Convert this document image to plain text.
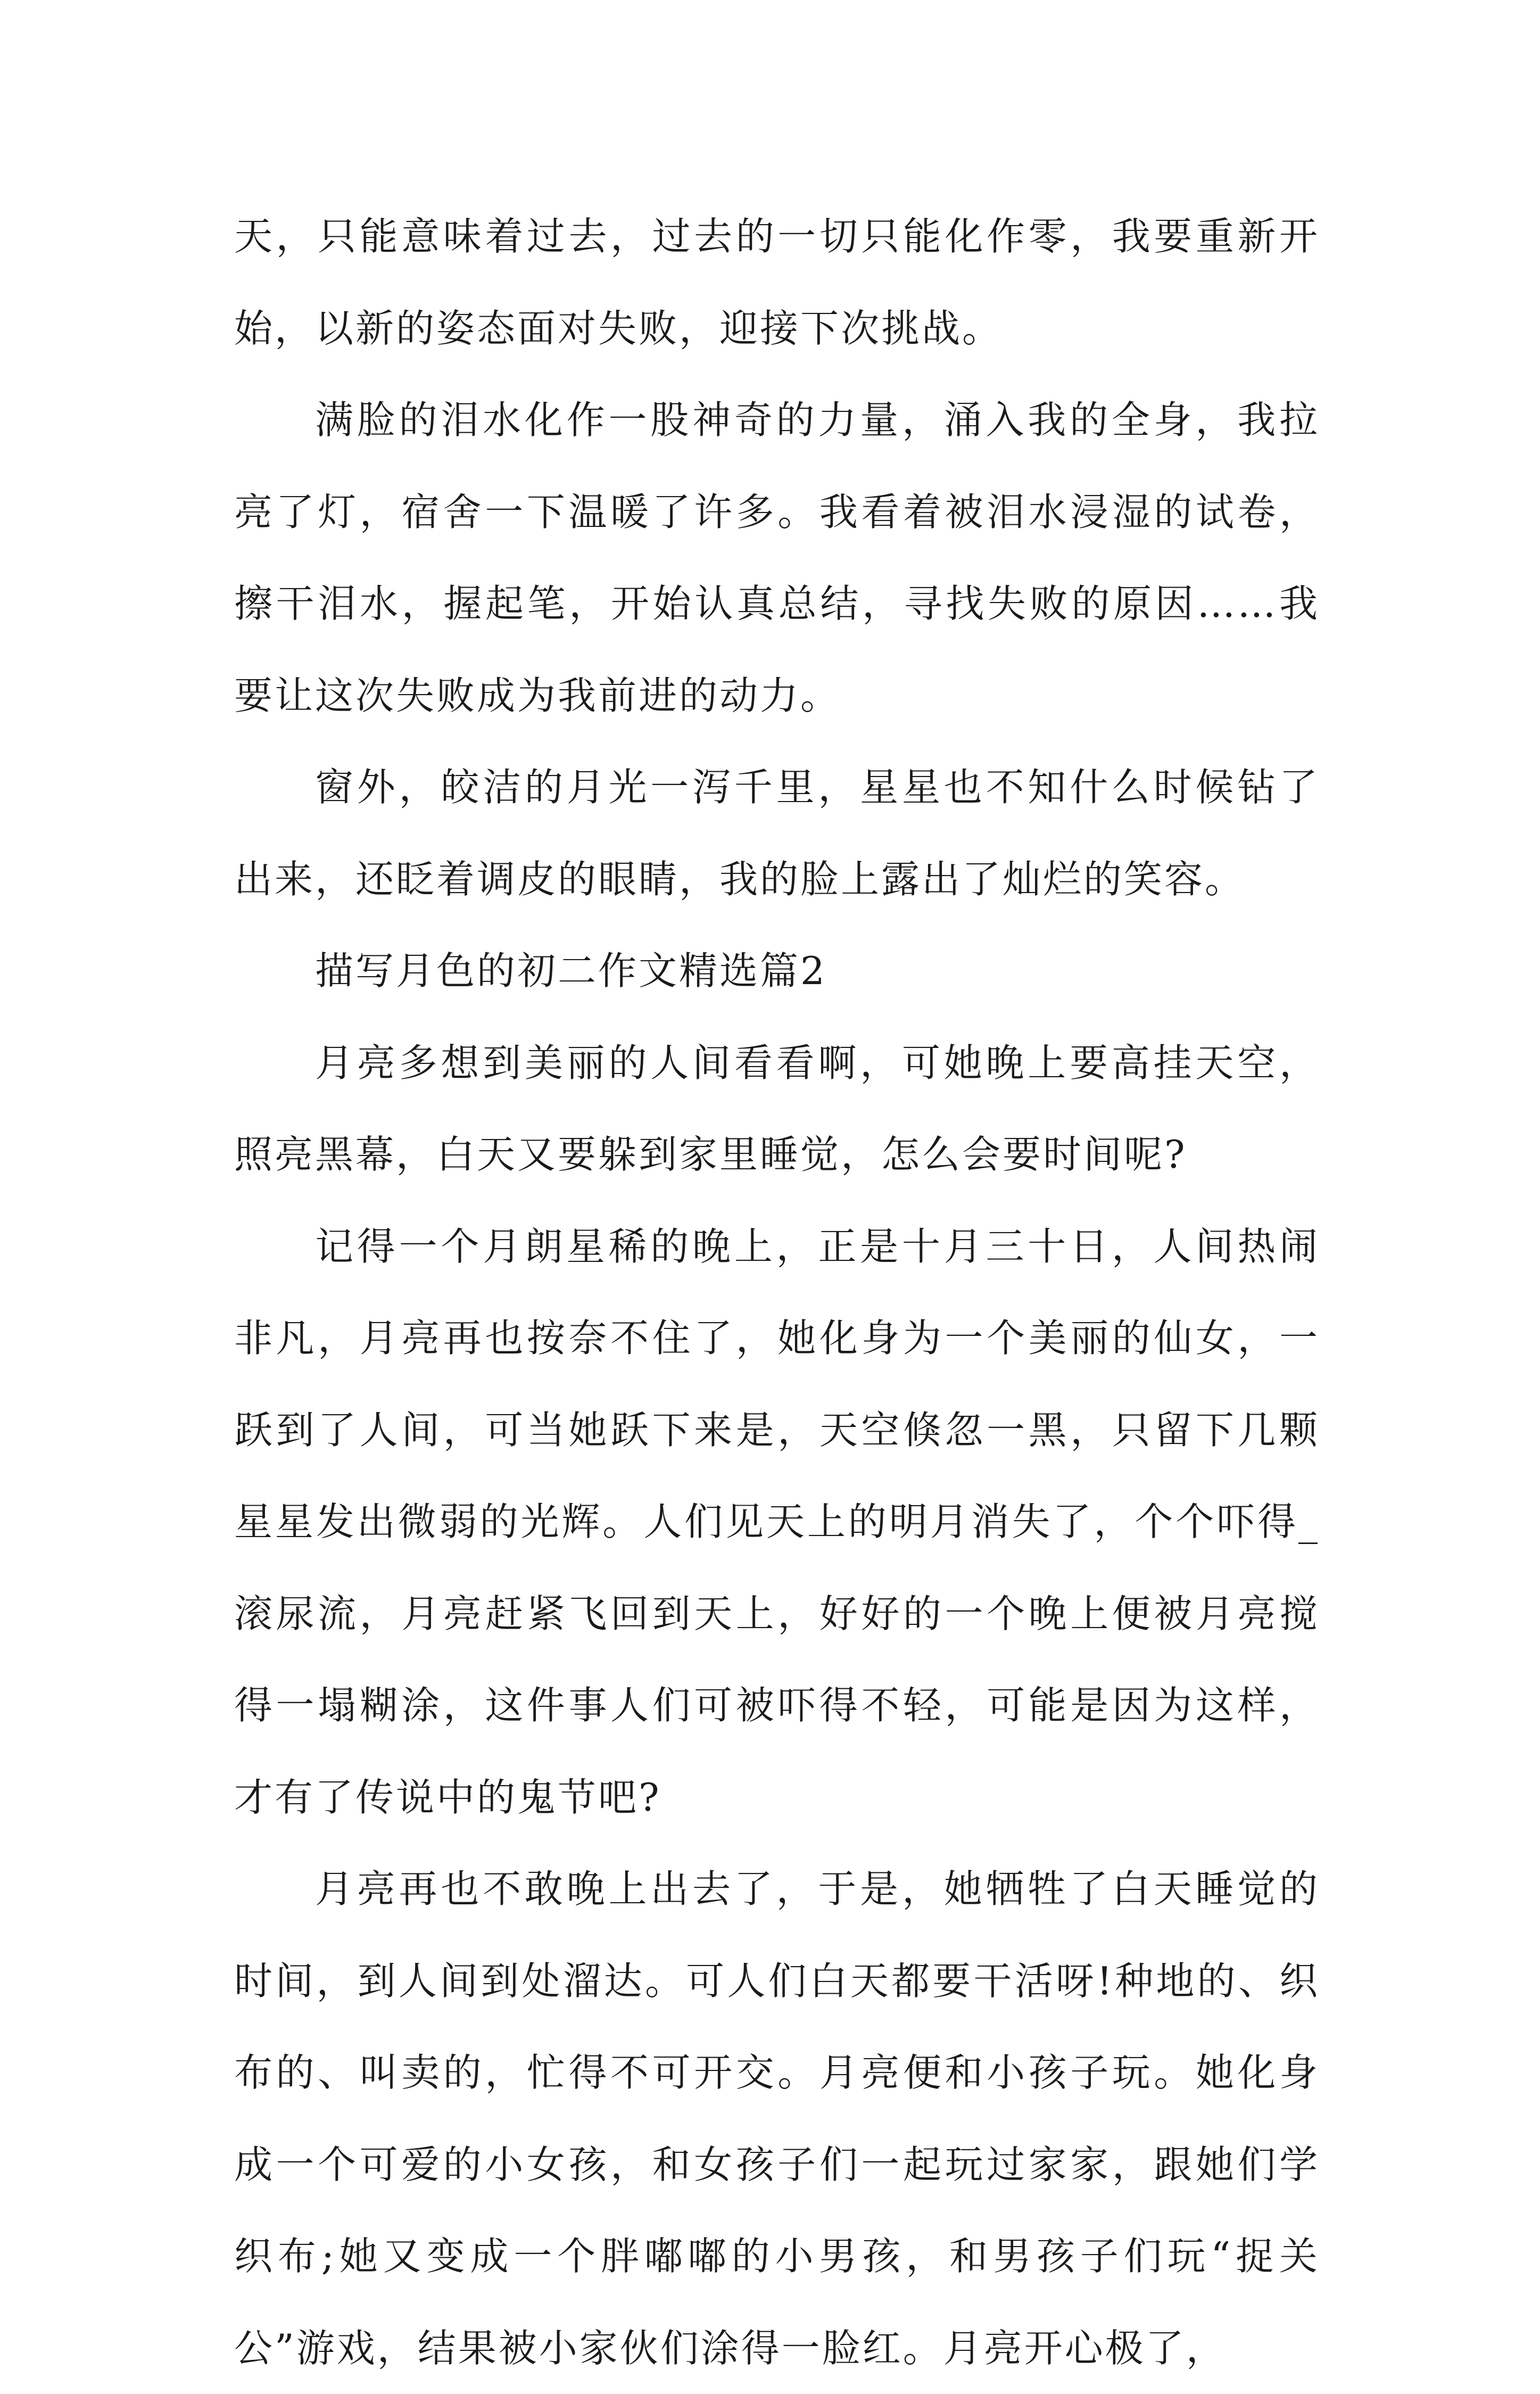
天，只能意味着过去，过去的一切只能化作零，我要重新开始，以新的姿态面对失败，迎接下次挑战。

满脸的泪水化作一股神奇的力量，涌入我的全身，我拉亮了灯，宿舍一下温暖了许多。我看着被泪水浸湿的试卷，擦干泪水，握起笔，开始认真总结，寻找失败的原因……我要让这次失败成为我前进的动力。

窗外，皎洁的月光一泻千里，星星也不知什么时候钻了出来，还眨着调皮的眼睛，我的脸上露出了灿烂的笑容。

描写月色的初二作文精选篇2

月亮多想到美丽的人间看看啊，可她晚上要高挂天空，照亮黑幕，白天又要躲到家里睡觉，怎么会要时间呢?

记得一个月朗星稀的晚上，正是十月三十日，人间热闹非凡，月亮再也按奈不住了，她化身为一个美丽的仙女，一跃到了人间，可当她跃下来是，天空倏忽一黑，只留下几颗星星发出微弱的光辉。人们见天上的明月消失了，个个吓得_滚尿流，月亮赶紧飞回到天上，好好的一个晚上便被月亮搅得一塌糊涂，这件事人们可被吓得不轻，可能是因为这样，才有了传说中的鬼节吧?

月亮再也不敢晚上出去了，于是，她牺牲了白天睡觉的时间，到人间到处溜达。可人们白天都要干活呀!种地的、织布的、叫卖的，忙得不可开交。月亮便和小孩子玩。她化身成一个可爱的小女孩，和女孩子们一起玩过家家，跟她们学织布;她又变成一个胖嘟嘟的小男孩，和男孩子们玩“捉关公”游戏，结果被小家伙们涂得一脸红。月亮开心极了，
